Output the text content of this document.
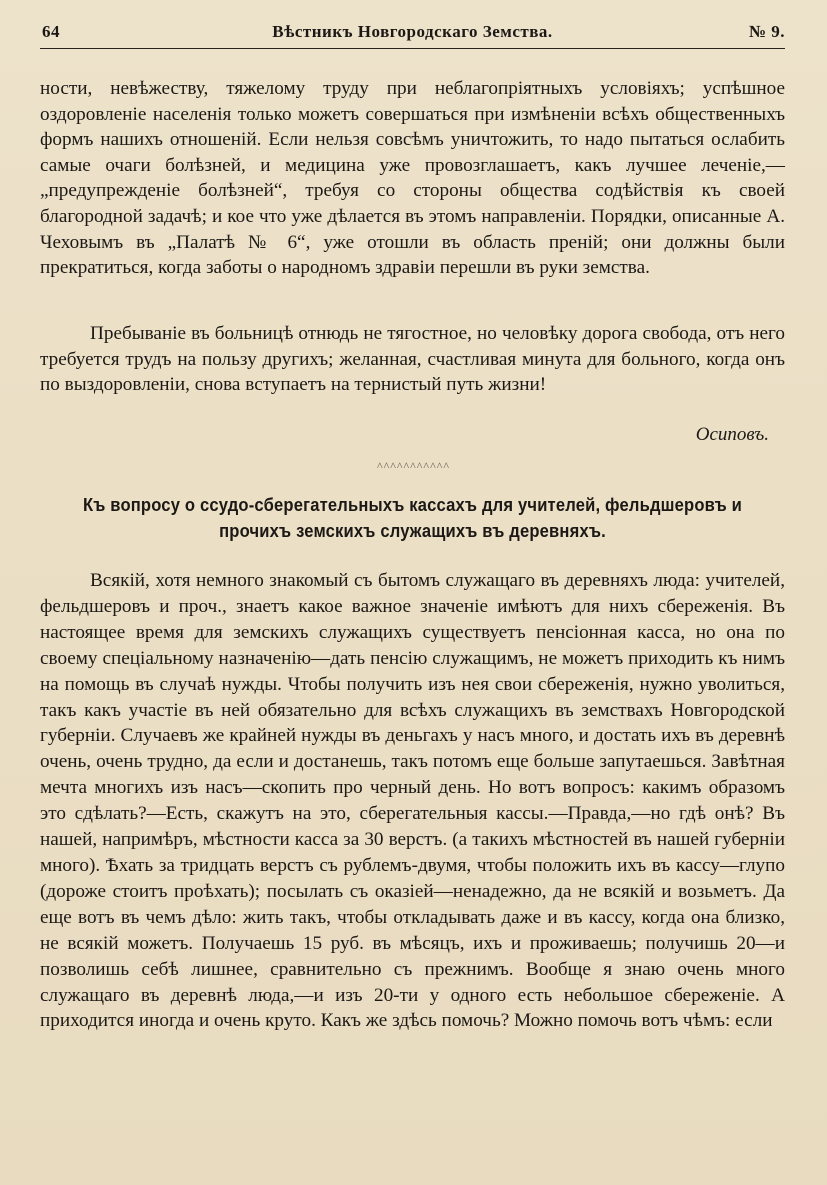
64	Вѣстникъ Новгородскаго Земства.	№ 9.
ности, невѣжеству, тяжелому труду при неблагопріятныхъ условіяхъ; успѣшное оздоровленіе населенія только можетъ совершаться при измѣненіи всѣхъ общественныхъ формъ нашихъ отношеній. Если нельзя совсѣмъ уничтожить, то надо пытаться ослабить самые очаги болѣзней, и медицина уже провозглашаетъ, какъ лучшее леченіе,—„предупрежденіе болѣзней“, требуя со стороны общества содѣйствія къ своей благородной задачѣ; и кое что уже дѣлается въ этомъ направленіи. Порядки, описанные А. Чеховымъ въ „Палатѣ № 6“, уже отошли въ область преній; они должны были прекратиться, когда заботы о народномъ здравіи перешли въ руки земства.
Пребываніе въ больницѣ отнюдь не тягостное, но человѣку дорога свобода, отъ него требуется трудъ на пользу другихъ; желанная, счастливая минута для больного, когда онъ по выздоровленіи, снова вступаетъ на тернистый путь жизни!
Осиповъ.
^^^^^^^^^^^
Къ вопросу о ссудо-сберегательныхъ кассахъ для учителей, фельдшеровъ и прочихъ земскихъ служащихъ въ деревняхъ.
Всякій, хотя немного знакомый съ бытомъ служащаго въ деревняхъ люда: учителей, фельдшеровъ и проч., знаетъ какое важное значеніе имѣютъ для нихъ сбереженія. Въ настоящее время для земскихъ служащихъ существуетъ пенсіонная касса, но она по своему спеціальному назначенію—дать пенсію служащимъ, не можетъ приходить къ нимъ на помощь въ случаѣ нужды. Чтобы получить изъ нея свои сбереженія, нужно уволиться, такъ какъ участіе въ ней обязательно для всѣхъ служащихъ въ земствахъ Новгородской губерніи. Случаевъ же крайней нужды въ деньгахъ у насъ много, и достать ихъ въ деревнѣ очень, очень трудно, да если и достанешь, такъ потомъ еще больше запутаешься. Завѣтная мечта многихъ изъ насъ—скопить про черный день. Но вотъ вопросъ: какимъ образомъ это сдѣлать?—Есть, скажутъ на это, сберегательныя кассы.—Правда,—но гдѣ онѣ? Въ нашей, напримѣръ, мѣстности касса за 30 верстъ. (а такихъ мѣстностей въ нашей губерніи много). Ѣхать за тридцать верстъ съ рублемъ-двумя, чтобы положить ихъ въ кассу—глупо (дороже стоитъ проѣхать); посылать съ оказіей—ненадежно, да не всякій и возьметъ. Да еще вотъ въ чемъ дѣло: жить такъ, чтобы откладывать даже и въ кассу, когда она близко, не всякій можетъ. Получаешь 15 руб. въ мѣсяцъ, ихъ и проживаешь; получишь 20—и позволишь себѣ лишнее, сравнительно съ прежнимъ. Вообще я знаю очень много служащаго въ деревнѣ люда,—и изъ 20-ти у одного есть небольшое сбереженіе. А приходится иногда и очень круто. Какъ же здѣсь помочь? Можно помочь вотъ чѣмъ: если
